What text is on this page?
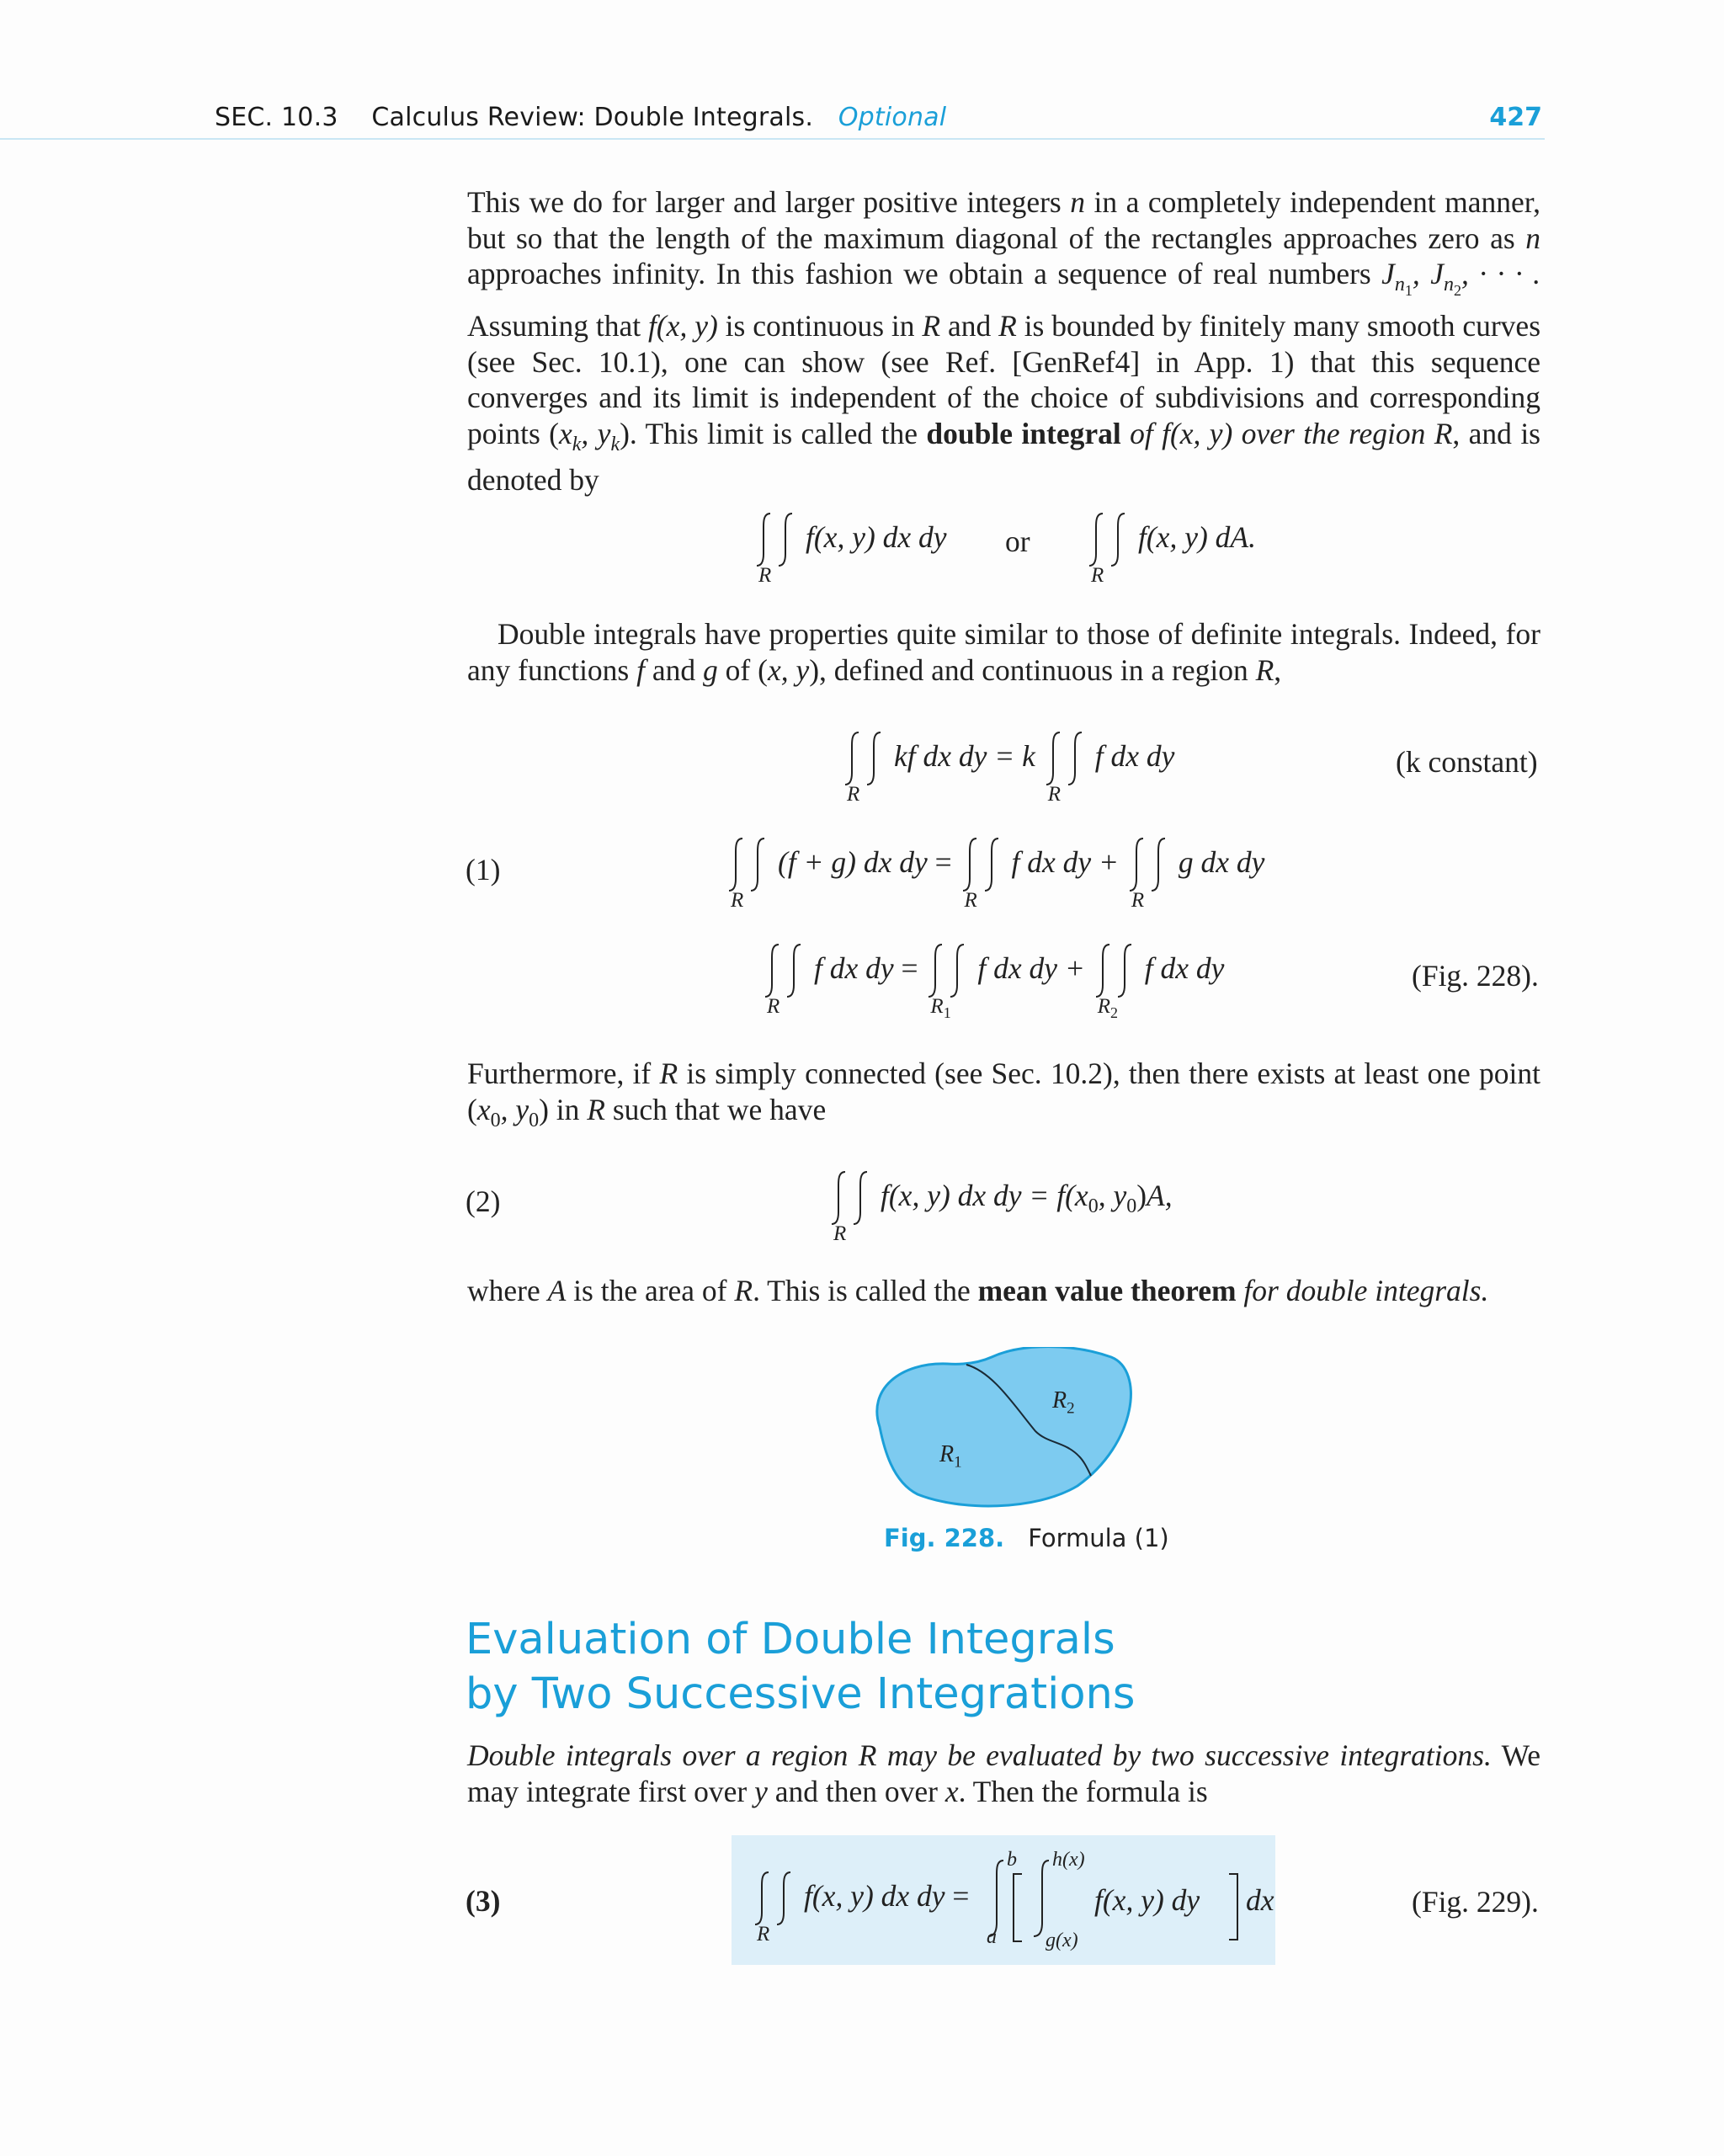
SEC. 10.3 Calculus Review: Double Integrals. Optional	427

This we do for larger and larger positive integers n in a completely independent manner, but so that the length of the maximum diagonal of the rectangles approaches zero as n approaches infinity. In this fashion we obtain a sequence of real numbers $J_{n_1}$, $J_{n_2}$, · · · . Assuming that f(x, y) is continuous in R and R is bounded by finitely many smooth curves (see Sec. 10.1), one can show (see Ref. [GenRef4] in App. 1) that this sequence converges and its limit is independent of the choice of subdivisions and corresponding points ($x_k$, $y_k$). This limit is called the double integral of f(x, y) over the region R, and is denoted by

R
f(x, y) dx dy or
R
f(x, y) dA.

Double integrals have properties quite similar to those of definite integrals. Indeed, for any functions f and g of (x, y), defined and continuous in a region R,

R
kf dx dy = k
R
f dx dy	(k constant)
(1)
R
(f + g) dx dy =
R
f dx dy +
R
g dx dy
R
f dx dy =
$R_1$
f dx dy +
$R_2$
f dx dy	(Fig. 228).

Furthermore, if R is simply connected (see Sec. 10.2), then there exists at least one point ($x_0$, $y_0$) in R such that we have

(2)
R
f(x, y) dx dy = $f(x_0$, $y_0)A$,

where A is the area of R. This is called the mean value theorem for double integrals.

$R_2$
$R_1$
Fig. 228. Formula (1)
Evaluation of Double Integrals
by Two Successive Integrations

Double integrals over a region R may be evaluated by two successive integrations. We may integrate first over y and then over x. Then the formula is

(3)
R
f(x, y) dx dy =
b
a
h(x)
g(x)
f(x, y) dy dx	(Fig. 229).
